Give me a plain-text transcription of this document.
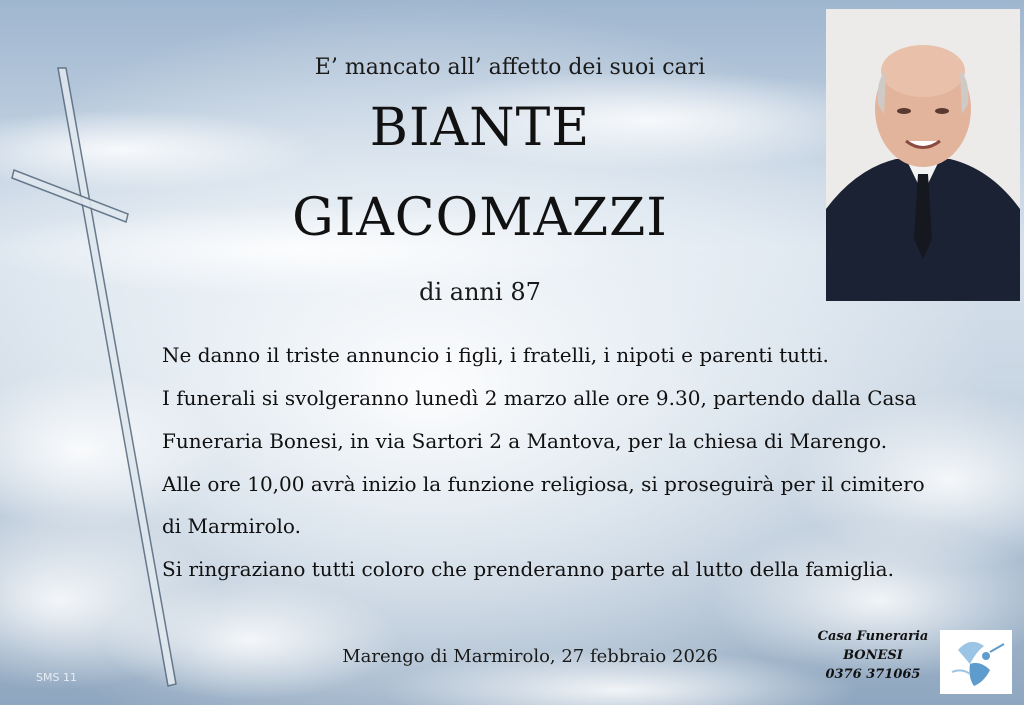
E’ mancato all’ affetto dei suoi cari
BIANTE
GIACOMAZZI
di anni 87
Ne danno il triste annuncio i figli, i fratelli, i nipoti e parenti tutti.
I funerali si svolgeranno lunedì 2 marzo alle ore 9.30, partendo dalla Casa
Funeraria Bonesi, in via Sartori 2 a Mantova, per la chiesa di Marengo.
Alle ore 10,00 avrà inizio la funzione religiosa, si proseguirà per il cimitero
di Marmirolo.
Si ringraziano tutti coloro che prenderanno parte al lutto della famiglia.
Marengo di Marmirolo, 27 febbraio 2026
Casa Funeraria
BONESI
0376 371065
SMS 11
